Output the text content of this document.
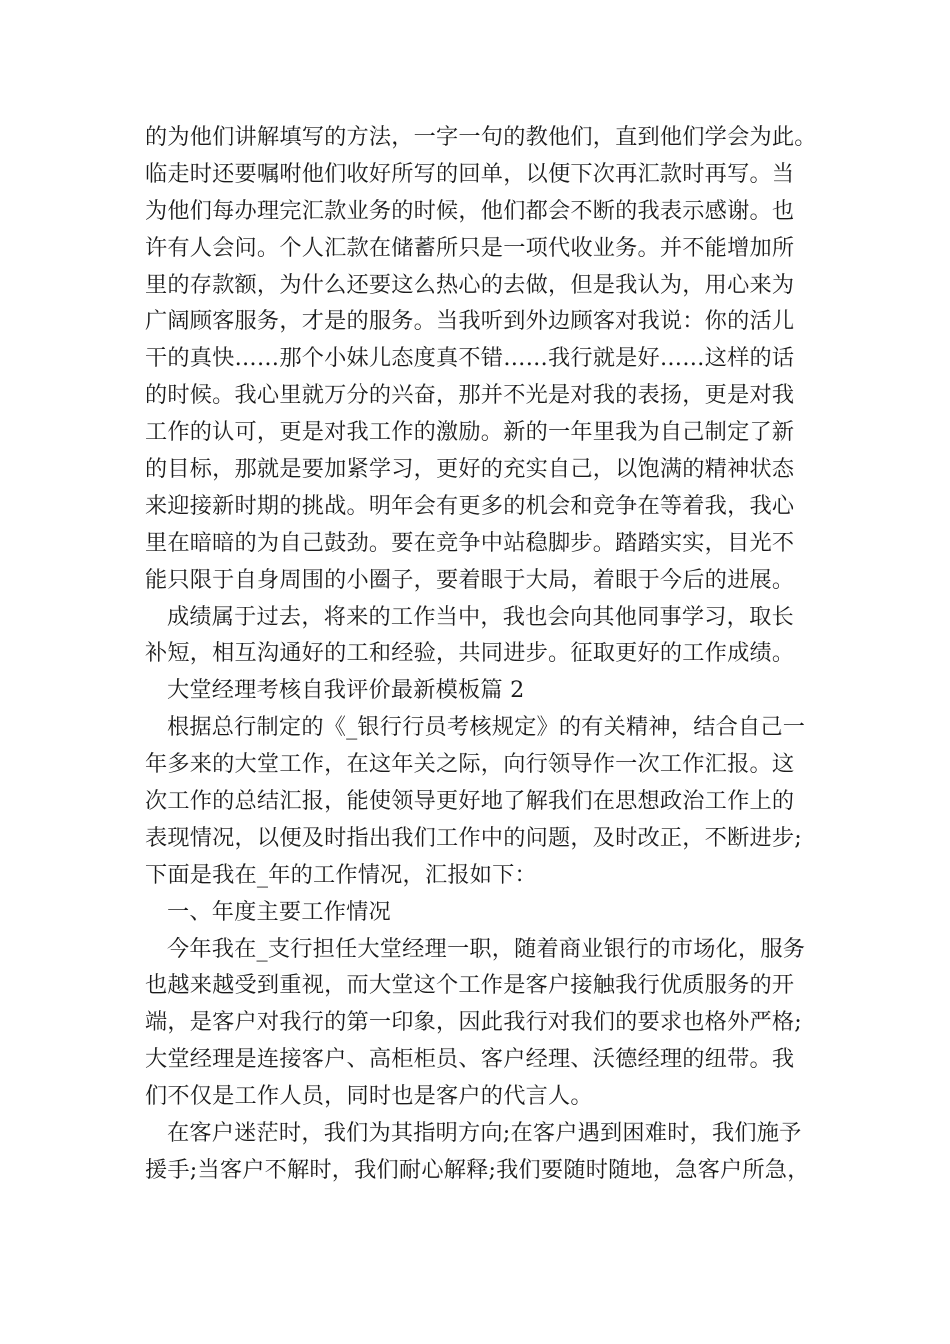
的为他们讲解填写的方法，一字一句的教他们，直到他们学会为此。
临走时还要嘱咐他们收好所写的回单，以便下次再汇款时再写。当
为他们每办理完汇款业务的时候，他们都会不断的我表示感谢。也
许有人会问。个人汇款在储蓄所只是一项代收业务。并不能增加所
里的存款额，为什么还要这么热心的去做，但是我认为，用心来为
广阔顾客服务，才是的服务。当我听到外边顾客对我说：你的活儿
干的真快……那个小妹儿态度真不错……我行就是好……这样的话
的时候。我心里就万分的兴奋，那并不光是对我的表扬，更是对我
工作的认可，更是对我工作的激励。新的一年里我为自己制定了新
的目标，那就是要加紧学习，更好的充实自己，以饱满的精神状态
来迎接新时期的挑战。明年会有更多的机会和竞争在等着我，我心
里在暗暗的为自己鼓劲。要在竞争中站稳脚步。踏踏实实，目光不
能只限于自身周围的小圈子，要着眼于大局，着眼于今后的进展。
成绩属于过去，将来的工作当中，我也会向其他同事学习，取长
补短，相互沟通好的工和经验，共同进步。征取更好的工作成绩。
大堂经理考核自我评价最新模板篇 2
根据总行制定的《_银行行员考核规定》的有关精神，结合自己一
年多来的大堂工作，在这年关之际，向行领导作一次工作汇报。这
次工作的总结汇报，能使领导更好地了解我们在思想政治工作上的
表现情况，以便及时指出我们工作中的问题，及时改正，不断进步;
下面是我在_年的工作情况，汇报如下：
一、年度主要工作情况
今年我在_支行担任大堂经理一职，随着商业银行的市场化，服务
也越来越受到重视，而大堂这个工作是客户接触我行优质服务的开
端，是客户对我行的第一印象，因此我行对我们的要求也格外严格;
大堂经理是连接客户、高柜柜员、客户经理、沃德经理的纽带。我
们不仅是工作人员，同时也是客户的代言人。
在客户迷茫时，我们为其指明方向;在客户遇到困难时，我们施予
援手;当客户不解时，我们耐心解释;我们要随时随地，急客户所急，
